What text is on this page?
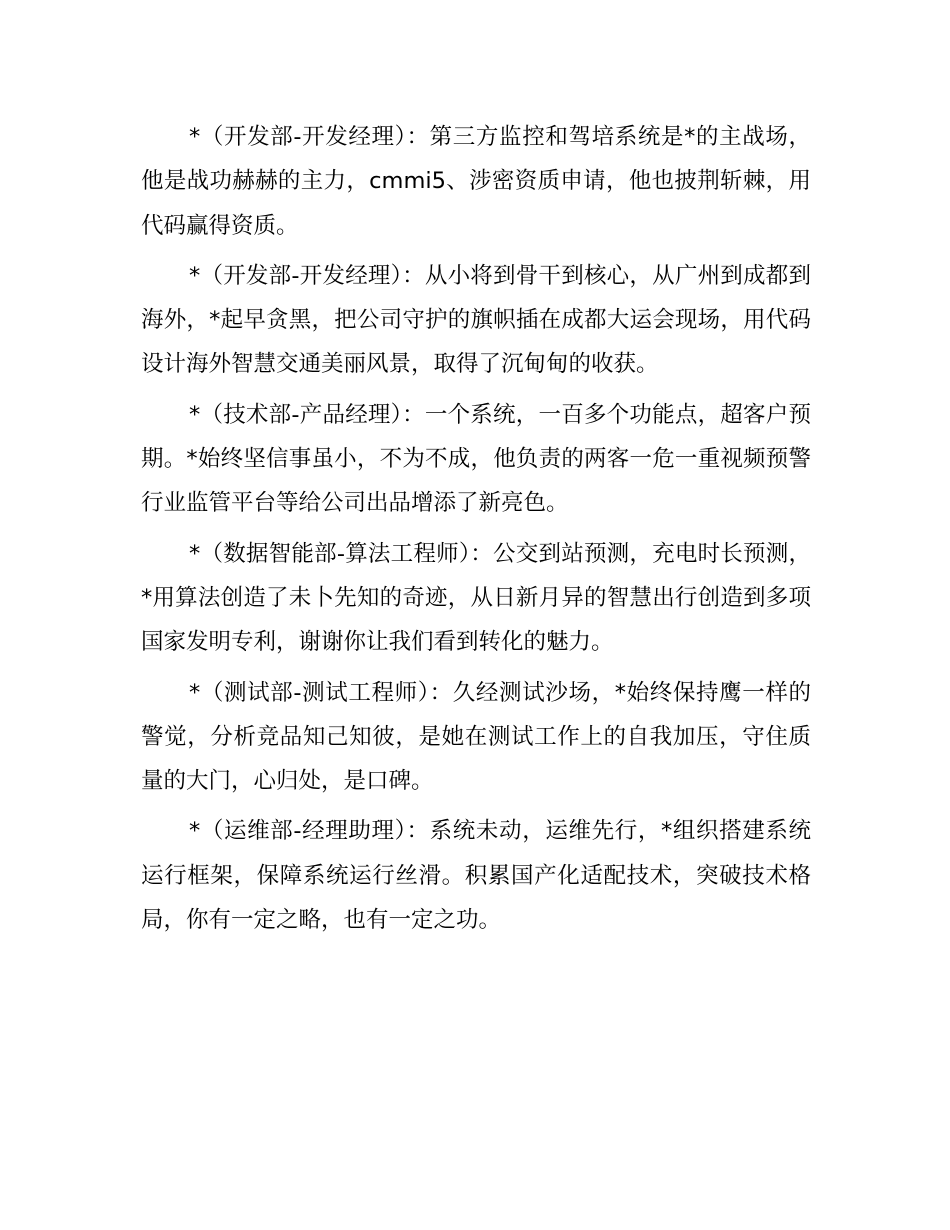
*（开发部-开发经理）：第三方监控和驾培系统是*的主战场，他是战功赫赫的主力，cmmi5、涉密资质申请，他也披荆斩棘，用代码赢得资质。

*（开发部-开发经理）：从小将到骨干到核心，从广州到成都到海外，*起早贪黑，把公司守护的旗帜插在成都大运会现场，用代码设计海外智慧交通美丽风景，取得了沉甸甸的收获。

*（技术部-产品经理）：一个系统，一百多个功能点，超客户预期。*始终坚信事虽小，不为不成，他负责的两客一危一重视频预警行业监管平台等给公司出品增添了新亮色。

*（数据智能部-算法工程师）：公交到站预测，充电时长预测，*用算法创造了未卜先知的奇迹，从日新月异的智慧出行创造到多项国家发明专利，谢谢你让我们看到转化的魅力。

*（测试部-测试工程师）：久经测试沙场，*始终保持鹰一样的警觉，分析竞品知己知彼，是她在测试工作上的自我加压，守住质量的大门，心归处，是口碑。

*（运维部-经理助理）：系统未动，运维先行，*组织搭建系统运行框架，保障系统运行丝滑。积累国产化适配技术，突破技术格局，你有一定之略，也有一定之功。
